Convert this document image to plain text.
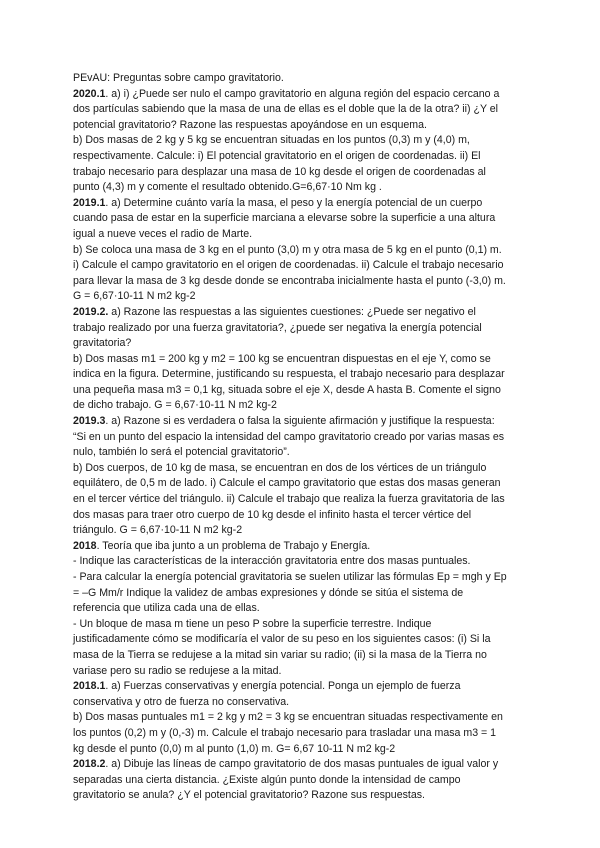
PEvAU: Preguntas sobre campo gravitatorio.
2020.1. a) i) ¿Puede ser nulo el campo gravitatorio en alguna región del espacio cercano a
dos partículas sabiendo que la masa de una de ellas es el doble que la de la otra? ii) ¿Y el
potencial gravitatorio? Razone las respuestas apoyándose en un esquema.
b) Dos masas de 2 kg y 5 kg se encuentran situadas en los puntos (0,3) m y (4,0) m,
respectivamente. Calcule: i) El potencial gravitatorio en el origen de coordenadas. ii) El
trabajo necesario para desplazar una masa de 10 kg desde el origen de coordenadas al
punto (4,3) m y comente el resultado obtenido.G=6,67·10 Nm kg .
2019.1. a) Determine cuánto varía la masa, el peso y la energía potencial de un cuerpo
cuando pasa de estar en la superficie marciana a elevarse sobre la superficie a una altura
igual a nueve veces el radio de Marte.
b) Se coloca una masa de 3 kg en el punto (3,0) m y otra masa de 5 kg en el punto (0,1) m.
i) Calcule el campo gravitatorio en el origen de coordenadas. ii) Calcule el trabajo necesario
para llevar la masa de 3 kg desde donde se encontraba inicialmente hasta el punto (-3,0) m.
G = 6,67·10-11 N m2 kg-2
2019.2. a) Razone las respuestas a las siguientes cuestiones: ¿Puede ser negativo el
trabajo realizado por una fuerza gravitatoria?, ¿puede ser negativa la energía potencial
gravitatoria?
b) Dos masas m1 = 200 kg y m2 = 100 kg se encuentran dispuestas en el eje Y, como se
indica en la figura. Determine, justificando su respuesta, el trabajo necesario para desplazar
una pequeña masa m3 = 0,1 kg, situada sobre el eje X, desde A hasta B. Comente el signo
de dicho trabajo. G = 6,67·10-11 N m2 kg-2
2019.3. a) Razone si es verdadera o falsa la siguiente afirmación y justifique la respuesta:
“Si en un punto del espacio la intensidad del campo gravitatorio creado por varias masas es
nulo, también lo será el potencial gravitatorio”.
b) Dos cuerpos, de 10 kg de masa, se encuentran en dos de los vértices de un triángulo
equilátero, de 0,5 m de lado. i) Calcule el campo gravitatorio que estas dos masas generan
en el tercer vértice del triángulo. ii) Calcule el trabajo que realiza la fuerza gravitatoria de las
dos masas para traer otro cuerpo de 10 kg desde el infinito hasta el tercer vértice del
triángulo. G = 6,67·10-11 N m2 kg-2
2018. Teoría que iba junto a un problema de Trabajo y Energía.
- Indique las características de la interacción gravitatoria entre dos masas puntuales.
- Para calcular la energía potencial gravitatoria se suelen utilizar las fórmulas Ep = mgh y Ep
= –G Mm/r Indique la validez de ambas expresiones y dónde se sitúa el sistema de
referencia que utiliza cada una de ellas.
- Un bloque de masa m tiene un peso P sobre la superficie terrestre. Indique
justificadamente cómo se modificaría el valor de su peso en los siguientes casos: (i) Si la
masa de la Tierra se redujese a la mitad sin variar su radio; (ii) si la masa de la Tierra no
variase pero su radio se redujese a la mitad.
2018.1. a) Fuerzas conservativas y energía potencial. Ponga un ejemplo de fuerza
conservativa y otro de fuerza no conservativa.
b) Dos masas puntuales m1 = 2 kg y m2 = 3 kg se encuentran situadas respectivamente en
los puntos (0,2) m y (0,-3) m. Calcule el trabajo necesario para trasladar una masa m3 = 1
kg desde el punto (0,0) m al punto (1,0) m. G= 6,67 10-11 N m2 kg-2
2018.2. a) Dibuje las líneas de campo gravitatorio de dos masas puntuales de igual valor y
separadas una cierta distancia. ¿Existe algún punto donde la intensidad de campo
gravitatorio se anula? ¿Y el potencial gravitatorio? Razone sus respuestas.
